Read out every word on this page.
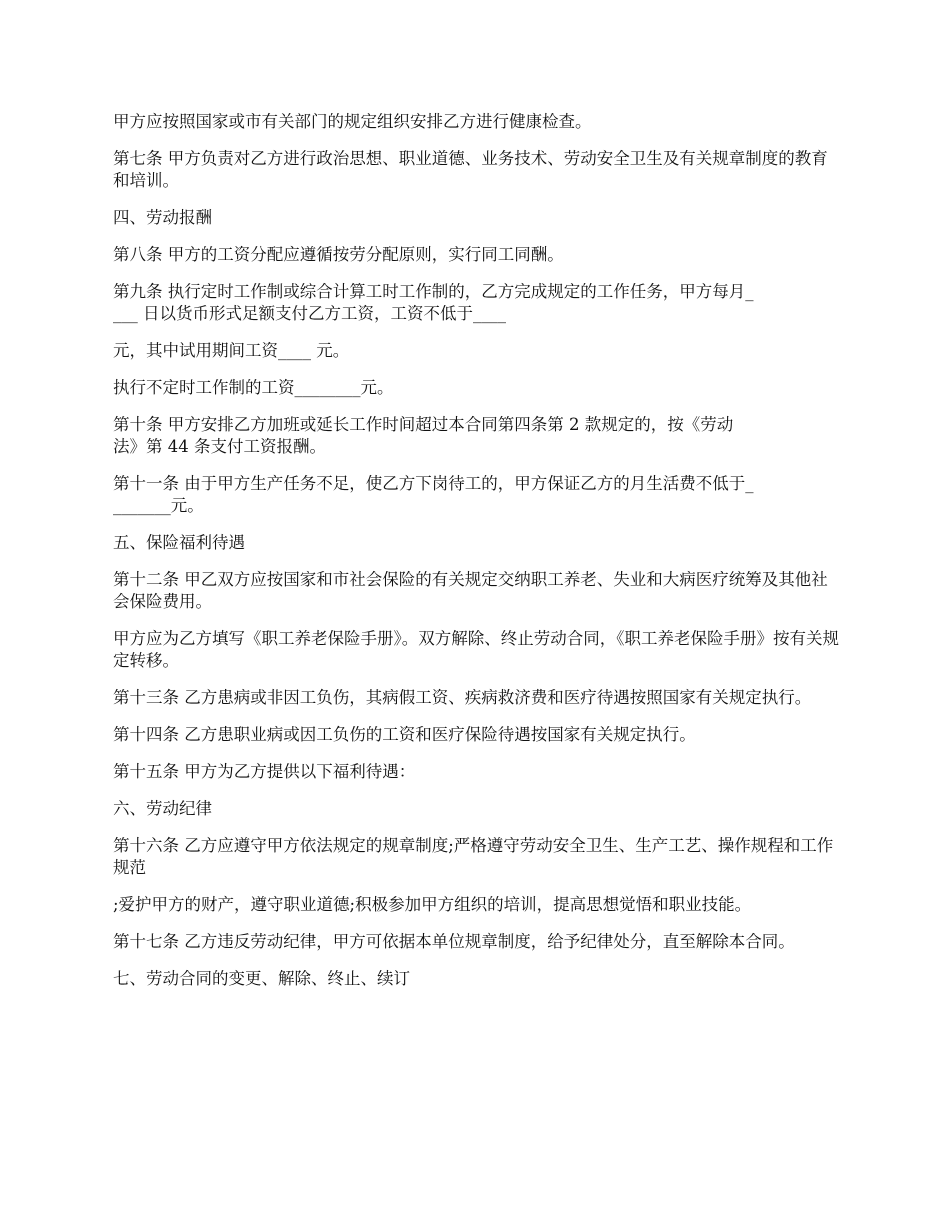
甲方应按照国家或市有关部门的规定组织安排乙方进行健康检查。

第七条 甲方负责对乙方进行政治思想、职业道德、业务技术、劳动安全卫生及有关规章制度的教育和培训。

四、劳动报酬

第八条 甲方的工资分配应遵循按劳分配原则，实行同工同酬。

第九条 执行定时工作制或综合计算工时工作制的，乙方完成规定的工作任务，甲方每月_
___ 日以货币形式足额支付乙方工资，工资不低于____

元，其中试用期间工资____ 元。

执行不定时工作制的工资________元。

第十条 甲方安排乙方加班或延长工作时间超过本合同第四条第 2 款规定的，按《劳动
法》第 44 条支付工资报酬。

第十一条 由于甲方生产任务不足，使乙方下岗待工的，甲方保证乙方的月生活费不低于_
_______元。

五、保险福利待遇

第十二条 甲乙双方应按国家和市社会保险的有关规定交纳职工养老、失业和大病医疗统筹及其他社会保险费用。

甲方应为乙方填写《职工养老保险手册》。双方解除、终止劳动合同，《职工养老保险手册》按有关规定转移。

第十三条 乙方患病或非因工负伤，其病假工资、疾病救济费和医疗待遇按照国家有关规定执行。

第十四条 乙方患职业病或因工负伤的工资和医疗保险待遇按国家有关规定执行。

第十五条 甲方为乙方提供以下福利待遇：

六、劳动纪律

第十六条 乙方应遵守甲方依法规定的规章制度;严格遵守劳动安全卫生、生产工艺、操作规程和工作规范

;爱护甲方的财产，遵守职业道德;积极参加甲方组织的培训，提高思想觉悟和职业技能。

第十七条 乙方违反劳动纪律，甲方可依据本单位规章制度，给予纪律处分，直至解除本合同。

七、劳动合同的变更、解除、终止、续订
